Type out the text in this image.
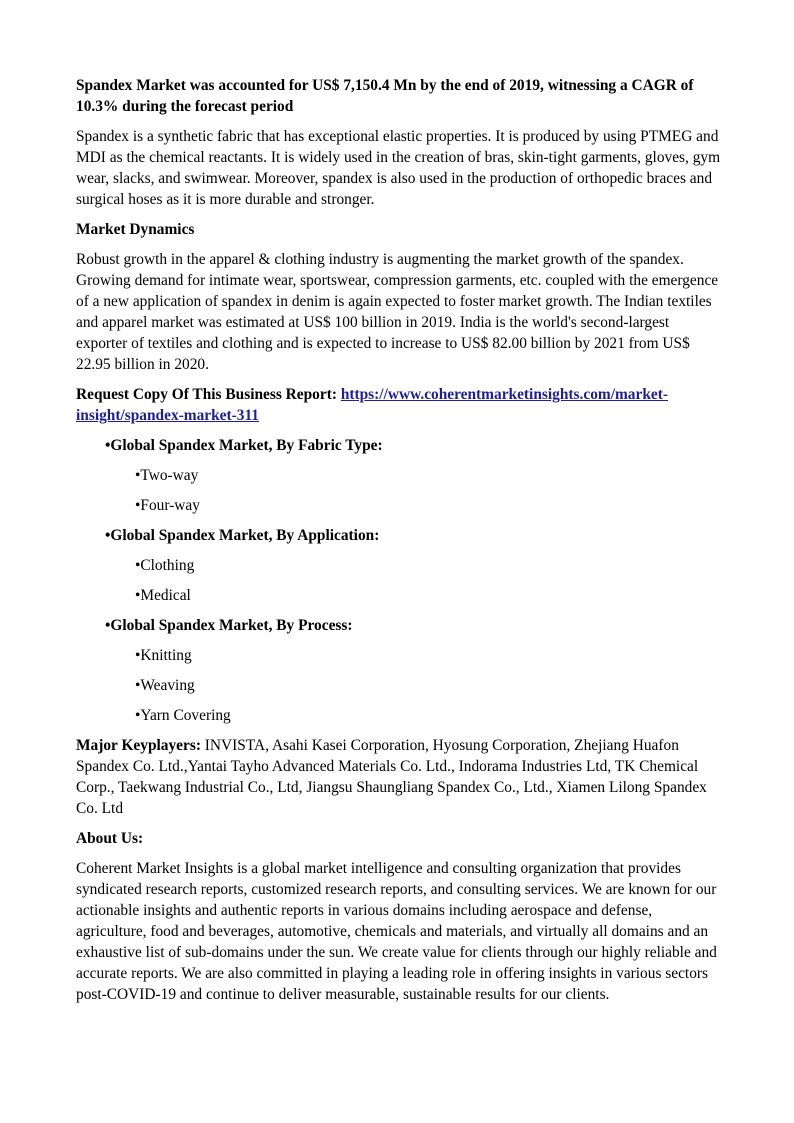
Spandex Market was accounted for US$ 7,150.4 Mn by the end of 2019, witnessing a CAGR of 10.3% during the forecast period

Spandex is a synthetic fabric that has exceptional elastic properties. It is produced by using PTMEG and MDI as the chemical reactants. It is widely used in the creation of bras, skin-tight garments, gloves, gym wear, slacks, and swimwear. Moreover, spandex is also used in the production of orthopedic braces and surgical hoses as it is more durable and stronger.

Market Dynamics

Robust growth in the apparel & clothing industry is augmenting the market growth of the spandex. Growing demand for intimate wear, sportswear, compression garments, etc. coupled with the emergence of a new application of spandex in denim is again expected to foster market growth. The Indian textiles and apparel market was estimated at US$ 100 billion in 2019. India is the world's second-largest exporter of textiles and clothing and is expected to increase to US$ 82.00 billion by 2021 from US$ 22.95 billion in 2020.

Request Copy Of This Business Report: https://www.coherentmarketinsights.com/market-insight/spandex-market-311

•Global Spandex Market, By Fabric Type:

•Two-way

•Four-way

•Global Spandex Market, By Application:

•Clothing

•Medical

•Global Spandex Market, By Process:

•Knitting

•Weaving

•Yarn Covering

Major Keyplayers: INVISTA, Asahi Kasei Corporation, Hyosung Corporation, Zhejiang Huafon Spandex Co. Ltd.,Yantai Tayho Advanced Materials Co. Ltd., Indorama Industries Ltd, TK Chemical Corp., Taekwang Industrial Co., Ltd, Jiangsu Shaungliang Spandex Co., Ltd., Xiamen Lilong Spandex Co. Ltd

About Us:

Coherent Market Insights is a global market intelligence and consulting organization that provides syndicated research reports, customized research reports, and consulting services. We are known for our actionable insights and authentic reports in various domains including aerospace and defense, agriculture, food and beverages, automotive, chemicals and materials, and virtually all domains and an exhaustive list of sub-domains under the sun. We create value for clients through our highly reliable and accurate reports. We are also committed in playing a leading role in offering insights in various sectors post-COVID-19 and continue to deliver measurable, sustainable results for our clients.
